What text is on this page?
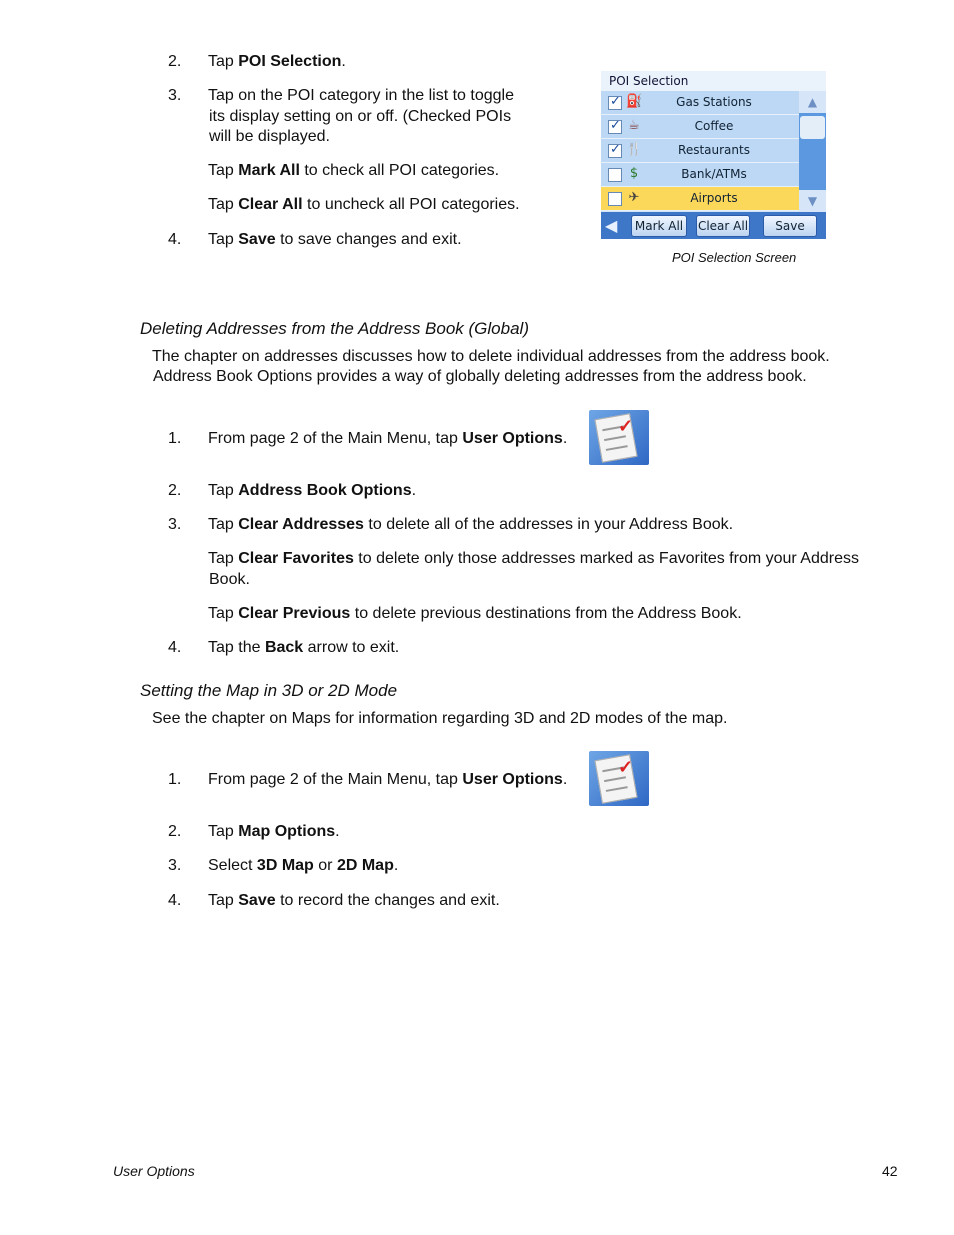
2.	Tap POI Selection.
3.	Tap on the POI category in the list to toggle
its display setting on or off. (Checked POIs
will be displayed.
Tap Mark All to check all POI categories.
Tap Clear All to uncheck all POI categories.
4.	Tap Save to save changes and exit.
POI Selection
✓ ⛽	Gas Stations
✓ ☕	Coffee
✓ 🍴	Restaurants
$	Bank/ATMs
✈	Airports
▲
▼
◀	Mark All	Clear All	Save
POI Selection Screen
Deleting Addresses from the Address Book (Global)
The chapter on addresses discusses how to delete individual addresses from the address book.
Address Book Options provides a way of globally deleting addresses from the address book.
1.	From page 2 of the Main Menu, tap User Options.
✓
2.	Tap Address Book Options.
3.	Tap Clear Addresses to delete all of the addresses in your Address Book.
Tap Clear Favorites to delete only those addresses marked as Favorites from your Address
Book.
Tap Clear Previous to delete previous destinations from the Address Book.
4.	Tap the Back arrow to exit.
Setting the Map in 3D or 2D Mode
See the chapter on Maps for information regarding 3D and 2D modes of the map.
1.	From page 2 of the Main Menu, tap User Options.
✓
2.	Tap Map Options.
3.	Select 3D Map or 2D Map.
4.	Tap Save to record the changes and exit.
User Options	42
